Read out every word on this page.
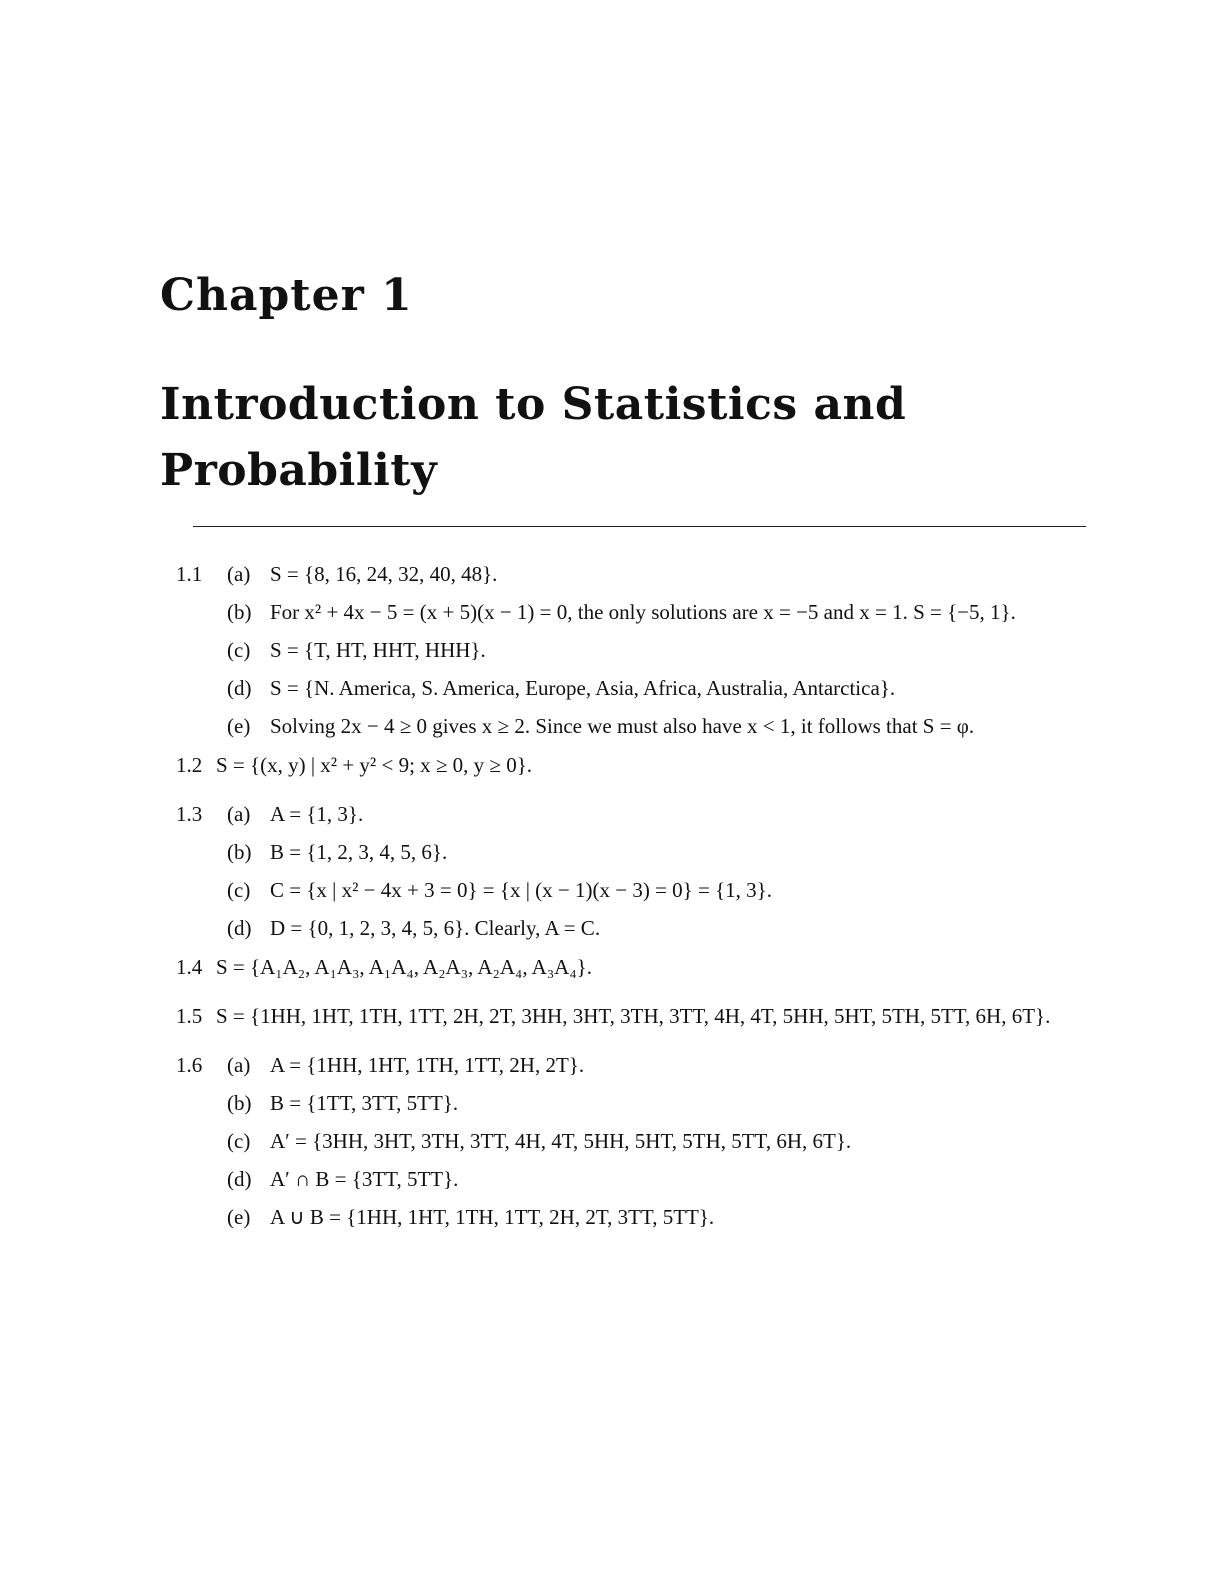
Chapter 1
Introduction to Statistics and Probability
1.1	(a) S = {8, 16, 24, 32, 40, 48}.
(b) For x² + 4x − 5 = (x + 5)(x − 1) = 0, the only solutions are x = −5 and x = 1. S = {−5, 1}.
(c) S = {T, HT, HHT, HHH}.
(d) S = {N. America, S. America, Europe, Asia, Africa, Australia, Antarctica}.
(e) Solving 2x − 4 ≥ 0 gives x ≥ 2. Since we must also have x < 1, it follows that S = φ.
1.2 S = {(x, y) | x² + y² < 9; x ≥ 0, y ≥ 0}.
1.3	(a) A = {1, 3}.
(b) B = {1, 2, 3, 4, 5, 6}.
(c) C = {x | x² − 4x + 3 = 0} = {x | (x − 1)(x − 3) = 0} = {1, 3}.
(d) D = {0, 1, 2, 3, 4, 5, 6}. Clearly, A = C.
1.4 S = {A₁A₂, A₁A₃, A₁A₄, A₂A₃, A₂A₄, A₃A₄}.
1.5 S = {1HH, 1HT, 1TH, 1TT, 2H, 2T, 3HH, 3HT, 3TH, 3TT, 4H, 4T, 5HH, 5HT, 5TH, 5TT, 6H, 6T}.
1.6	(a) A = {1HH, 1HT, 1TH, 1TT, 2H, 2T}.
(b) B = {1TT, 3TT, 5TT}.
(c) A′ = {3HH, 3HT, 3TH, 3TT, 4H, 4T, 5HH, 5HT, 5TH, 5TT, 6H, 6T}.
(d) A′ ∩ B = {3TT, 5TT}.
(e) A ∪ B = {1HH, 1HT, 1TH, 1TT, 2H, 2T, 3TT, 5TT}.
